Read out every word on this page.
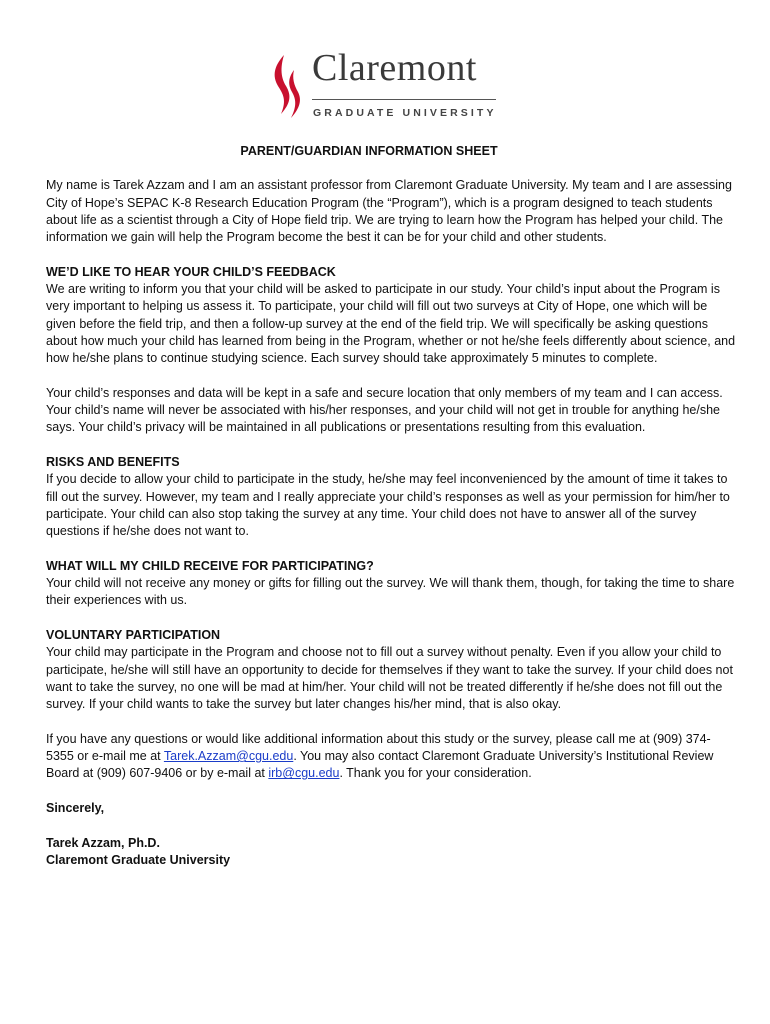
Claremont
GRADUATE UNIVERSITY
PARENT/GUARDIAN INFORMATION SHEET

My name is Tarek Azzam and I am an assistant professor from Claremont Graduate University. My team and I are assessing City of Hope’s SEPAC K-8 Research Education Program (the “Program”), which is a program designed to teach students about life as a scientist through a City of Hope field trip. We are trying to learn how the Program has helped your child. The information we gain will help the Program become the best it can be for your child and other students.

WE’D LIKE TO HEAR YOUR CHILD’S FEEDBACK
We are writing to inform you that your child will be asked to participate in our study. Your child’s input about the Program is very important to helping us assess it. To participate, your child will fill out two surveys at City of Hope, one which will be given before the field trip, and then a follow-up survey at the end of the field trip. We will specifically be asking questions about how much your child has learned from being in the Program, whether or not he/she feels differently about science, and how he/she plans to continue studying science. Each survey should take approximately 5 minutes to complete.

Your child’s responses and data will be kept in a safe and secure location that only members of my team and I can access. Your child’s name will never be associated with his/her responses, and your child will not get in trouble for anything he/she says. Your child’s privacy will be maintained in all publications or presentations resulting from this evaluation.

RISKS AND BENEFITS
If you decide to allow your child to participate in the study, he/she may feel inconvenienced by the amount of time it takes to fill out the survey. However, my team and I really appreciate your child’s responses as well as your permission for him/her to participate. Your child can also stop taking the survey at any time. Your child does not have to answer all of the survey questions if he/she does not want to.

WHAT WILL MY CHILD RECEIVE FOR PARTICIPATING?
Your child will not receive any money or gifts for filling out the survey. We will thank them, though, for taking the time to share their experiences with us.

VOLUNTARY PARTICIPATION
Your child may participate in the Program and choose not to fill out a survey without penalty. Even if you allow your child to participate, he/she will still have an opportunity to decide for themselves if they want to take the survey. If your child does not want to take the survey, no one will be mad at him/her. Your child will not be treated differently if he/she does not fill out the survey. If your child wants to take the survey but later changes his/her mind, that is also okay.

If you have any questions or would like additional information about this study or the survey, please call me at (909) 374-5355 or e-mail me at Tarek.Azzam@cgu.edu. You may also contact Claremont Graduate University’s Institutional Review Board at (909) 607-9406 or by e-mail at irb@cgu.edu. Thank you for your consideration.

Sincerely,

Tarek Azzam, Ph.D.
Claremont Graduate University
